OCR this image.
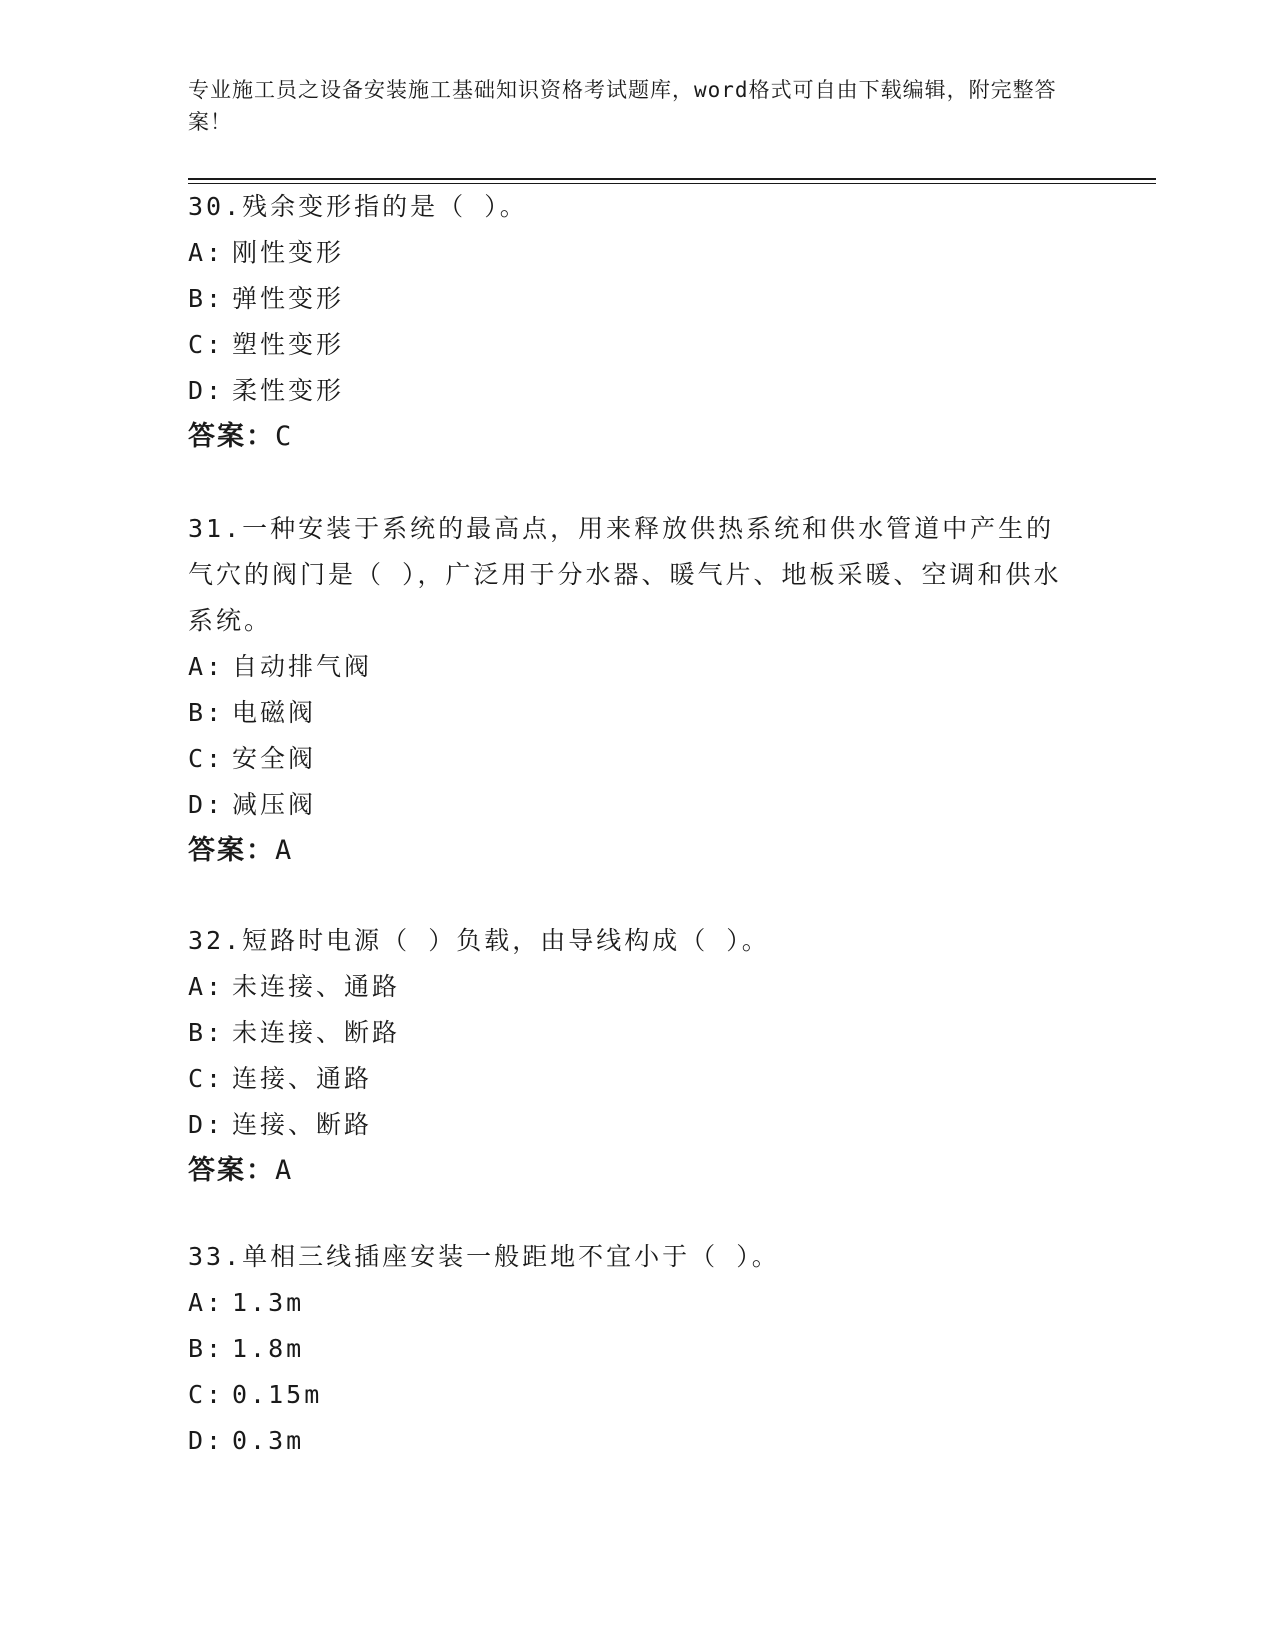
专业施工员之设备安装施工基础知识资格考试题库，word格式可自由下载编辑，附完整答案！
30.残余变形指的是（ ）。
A: 刚性变形
B: 弹性变形
C: 塑性变形
D: 柔性变形
答案：C
31.一种安装于系统的最高点，用来释放供热系统和供水管道中产生的气穴的阀门是（ ），广泛用于分水器、暖气片、地板采暖、空调和供水系统。
A: 自动排气阀
B: 电磁阀
C: 安全阀
D: 减压阀
答案：A
32.短路时电源（ ）负载，由导线构成（ ）。
A: 未连接、通路
B: 未连接、断路
C: 连接、通路
D: 连接、断路
答案：A
33.单相三线插座安装一般距地不宜小于（ ）。
A: 1.3m
B: 1.8m
C: 0.15m
D: 0.3m
